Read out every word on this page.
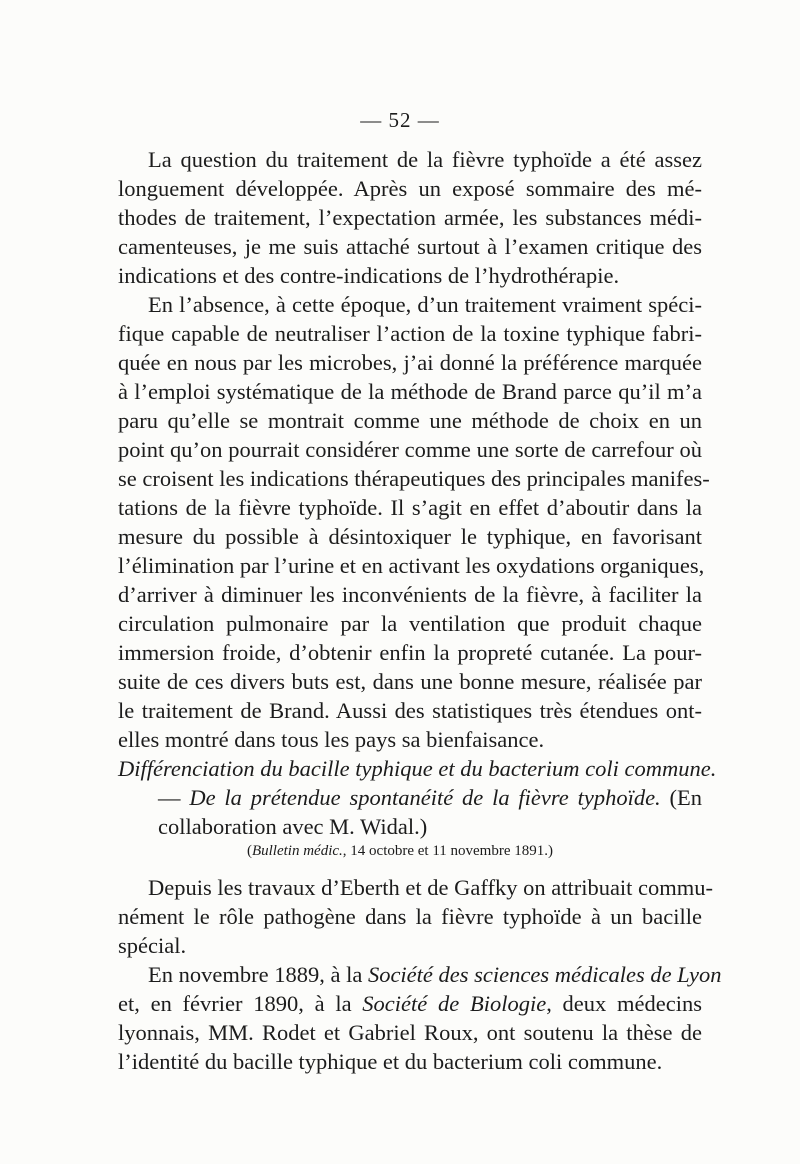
— 52 —
La question du traitement de la fièvre typhoïde a été assez
longuement développée. Après un exposé sommaire des mé-
thodes de traitement, l’expectation armée, les substances médi-
camenteuses, je me suis attaché surtout à l’examen critique des
indications et des contre-indications de l’hydrothérapie.
En l’absence, à cette époque, d’un traitement vraiment spéci-
fique capable de neutraliser l’action de la toxine typhique fabri-
quée en nous par les microbes, j’ai donné la préférence marquée
à l’emploi systématique de la méthode de Brand parce qu’il m’a
paru qu’elle se montrait comme une méthode de choix en un
point qu’on pourrait considérer comme une sorte de carrefour où
se croisent les indications thérapeutiques des principales manifes-
tations de la fièvre typhoïde. Il s’agit en effet d’aboutir dans la
mesure du possible à désintoxiquer le typhique, en favorisant
l’élimination par l’urine et en activant les oxydations organiques,
d’arriver à diminuer les inconvénients de la fièvre, à faciliter la
circulation pulmonaire par la ventilation que produit chaque
immersion froide, d’obtenir enfin la propreté cutanée. La pour-
suite de ces divers buts est, dans une bonne mesure, réalisée par
le traitement de Brand. Aussi des statistiques très étendues ont-
elles montré dans tous les pays sa bienfaisance.
Différenciation du bacille typhique et du bacterium coli commune.
— De la prétendue spontanéité de la fièvre typhoïde. (En
collaboration avec M. Widal.)
(Bulletin médic., 14 octobre et 11 novembre 1891.)
Depuis les travaux d’Eberth et de Gaffky on attribuait commu-
nément le rôle pathogène dans la fièvre typhoïde à un bacille
spécial.
En novembre 1889, à la Société des sciences médicales de Lyon
et, en février 1890, à la Société de Biologie, deux médecins
lyonnais, MM. Rodet et Gabriel Roux, ont soutenu la thèse de
l’identité du bacille typhique et du bacterium coli commune.
